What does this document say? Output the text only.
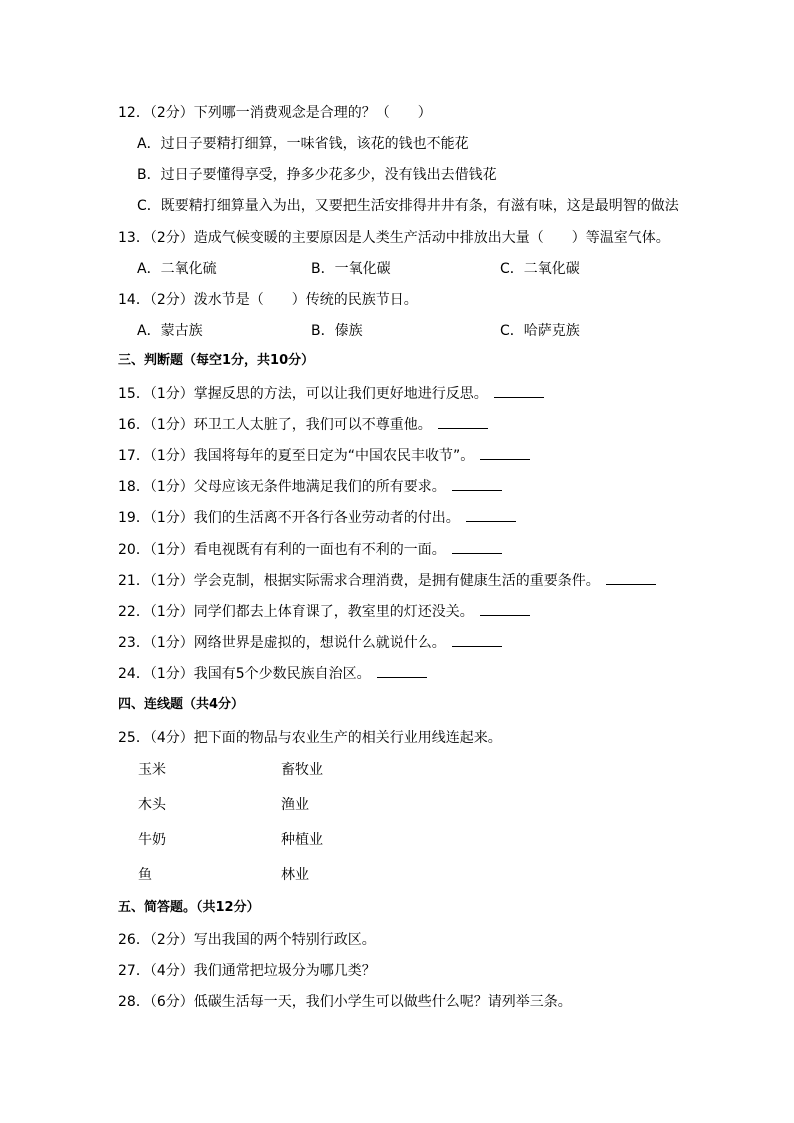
12．（2分）下列哪一消费观念是合理的？（　　）
A．过日子要精打细算，一味省钱，该花的钱也不能花
B．过日子要懂得享受，挣多少花多少，没有钱出去借钱花
C．既要精打细算量入为出，又要把生活安排得井井有条，有滋有味，这是最明智的做法
13．（2分）造成气候变暖的主要原因是人类生产活动中排放出大量（　　）等温室气体。
A．二氧化硫	B．一氧化碳	C．二氧化碳
14．（2分）泼水节是（　　）传统的民族节日。
A．蒙古族	B．傣族	C．哈萨克族
三、判断题（每空1分，共10分）
15．（1分）掌握反思的方法，可以让我们更好地进行反思。
16．（1分）环卫工人太脏了，我们可以不尊重他。
17．（1分）我国将每年的夏至日定为“中国农民丰收节”。
18．（1分）父母应该无条件地满足我们的所有要求。
19．（1分）我们的生活离不开各行各业劳动者的付出。
20．（1分）看电视既有有利的一面也有不利的一面。
21．（1分）学会克制，根据实际需求合理消费，是拥有健康生活的重要条件。
22．（1分）同学们都去上体育课了，教室里的灯还没关。
23．（1分）网络世界是虚拟的，想说什么就说什么。
24．（1分）我国有5个少数民族自治区。
四、连线题（共4分）
25．（4分）把下面的物品与农业生产的相关行业用线连起来。
玉米	畜牧业
木头	渔业
牛奶	种植业
鱼	林业
五、简答题。（共12分）
26．（2分）写出我国的两个特别行政区。
27．（4分）我们通常把垃圾分为哪几类？
28．（6分）低碳生活每一天，我们小学生可以做些什么呢？请列举三条。
